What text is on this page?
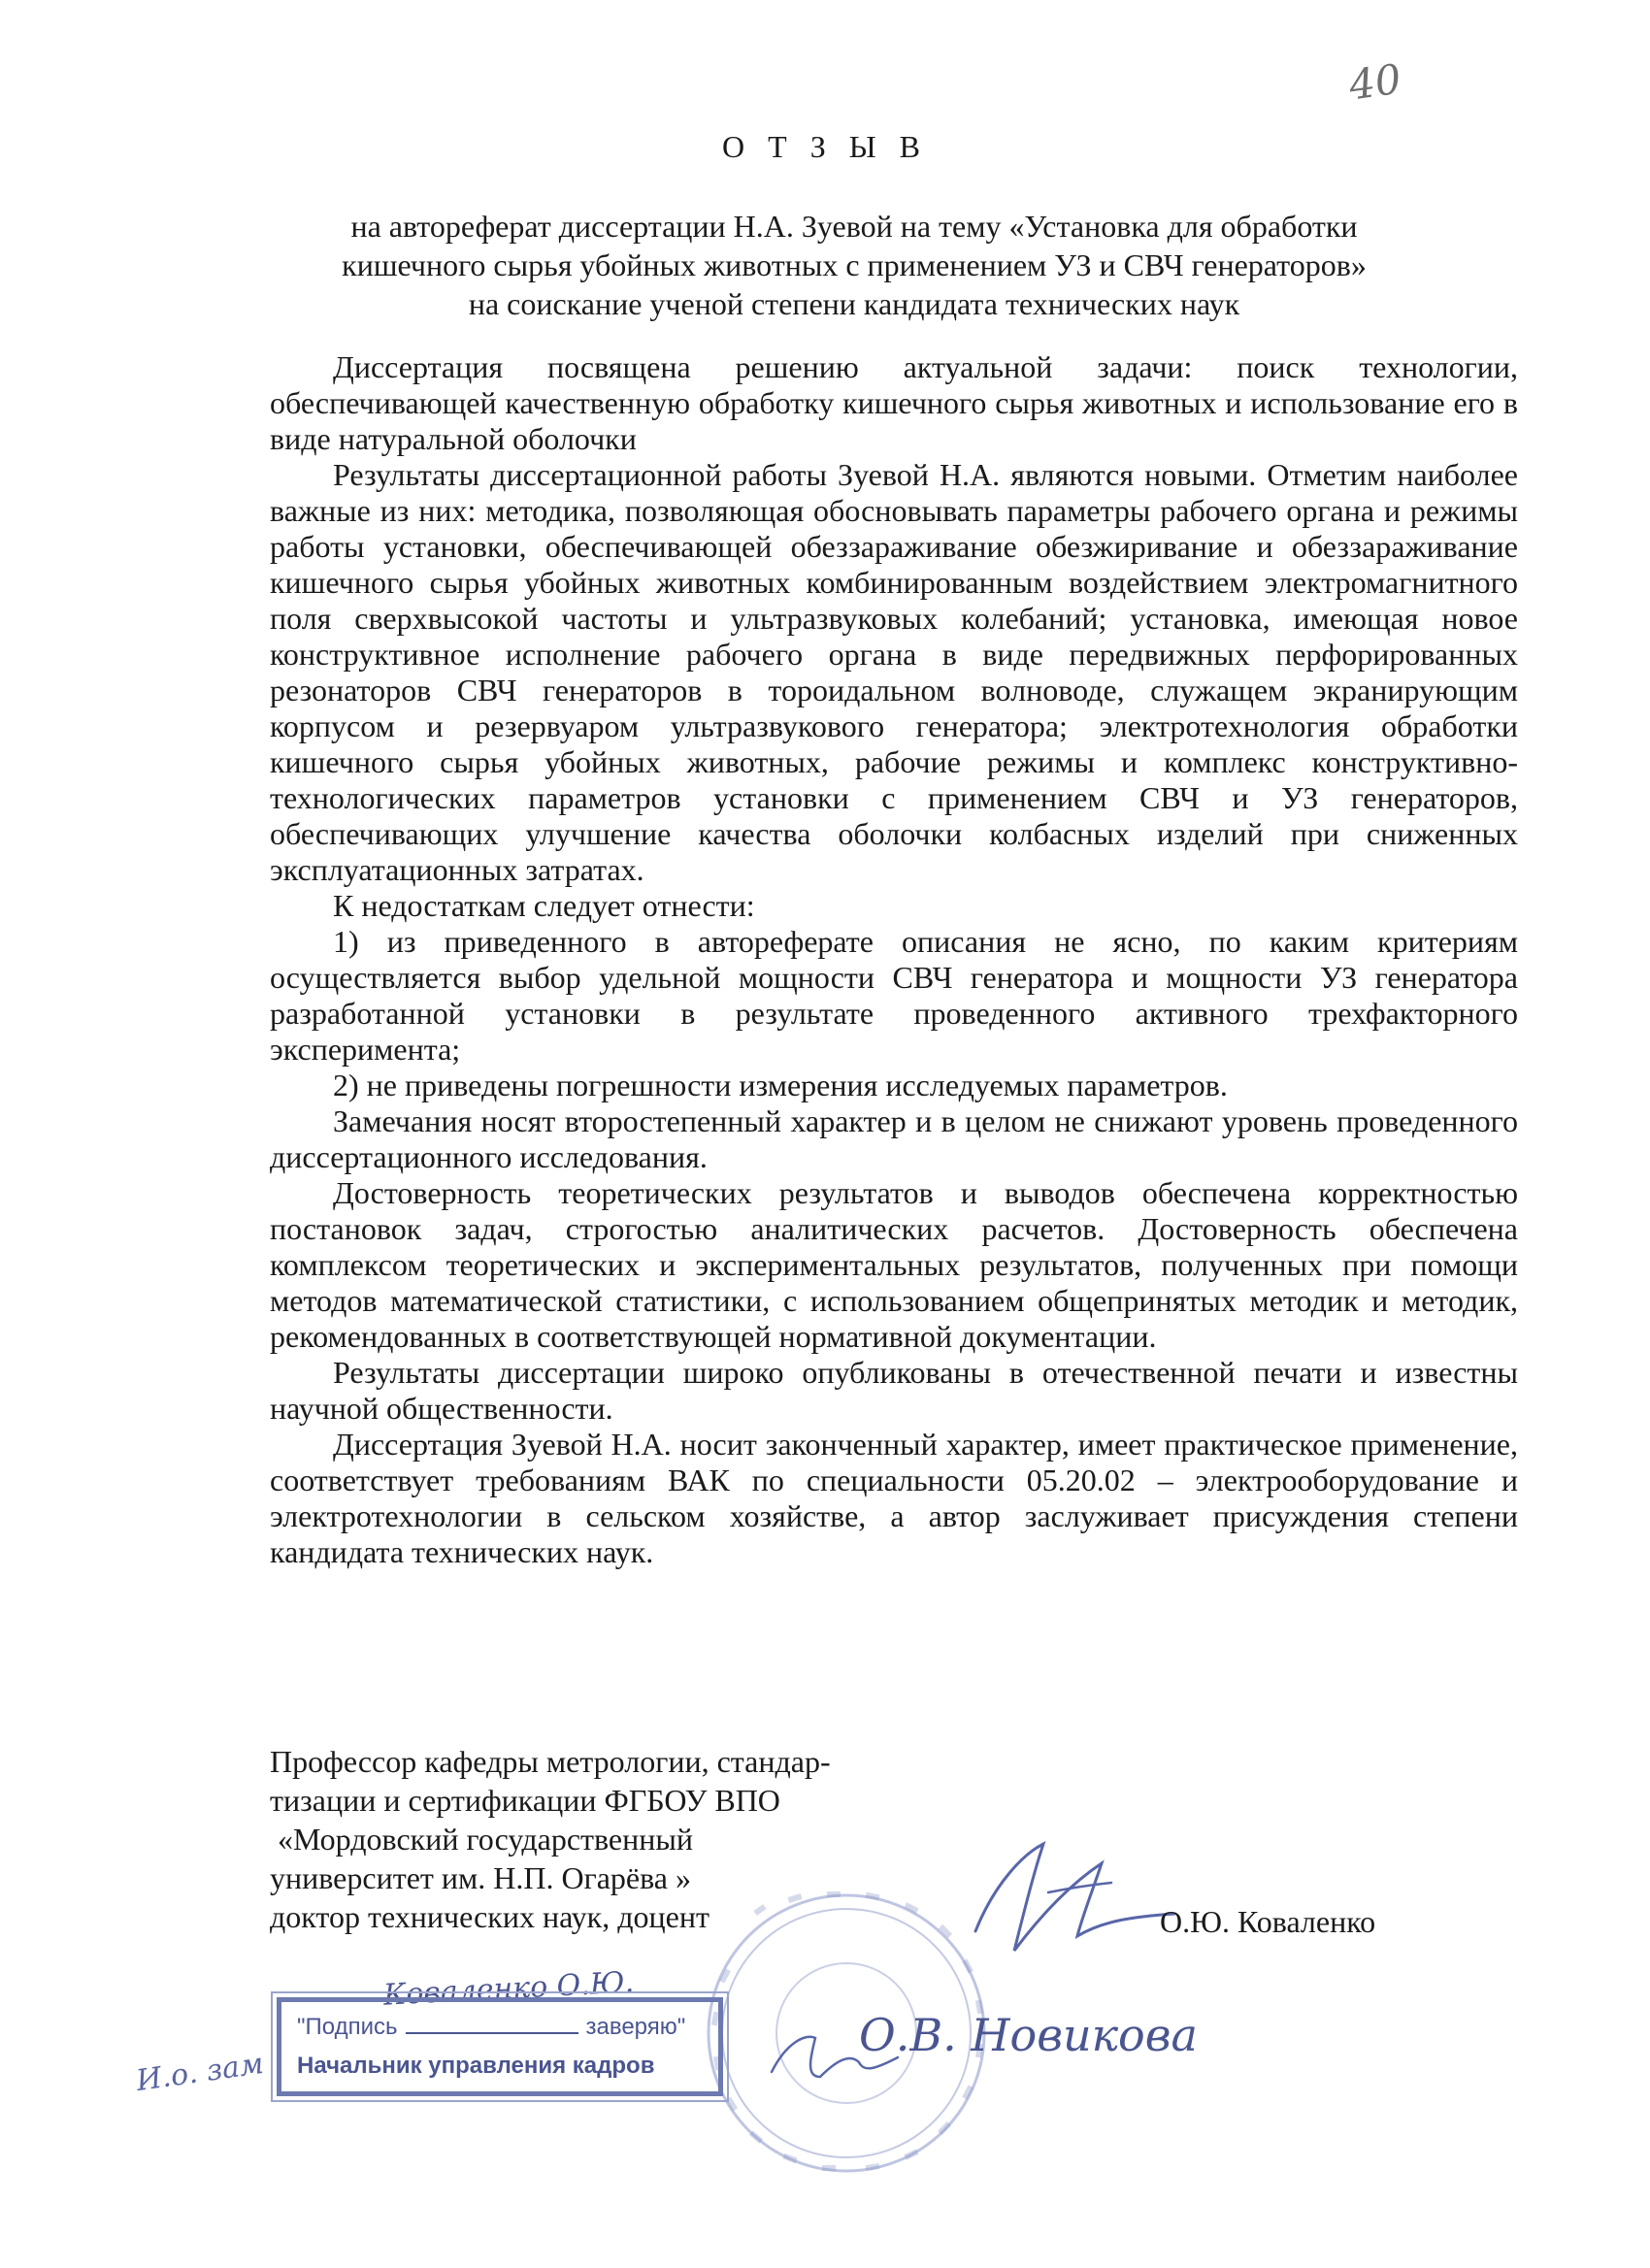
40
О Т З Ы В
на автореферат диссертации Н.А. Зуевой на тему «Установка для обработки
кишечного сырья убойных животных с применением УЗ и СВЧ генераторов»
на соискание ученой степени кандидата технических наук

Диссертация посвящена решению актуальной задачи: поиск технологии, обеспечивающей качественную обработку кишечного сырья животных и использование его в виде натуральной оболочки

Результаты диссертационной работы Зуевой Н.А. являются новыми. Отметим наиболее важные из них: методика, позволяющая обосновывать параметры рабочего органа и режимы работы установки, обеспечивающей обеззараживание обезжиривание и обеззараживание кишечного сырья убойных животных комбинированным воздействием электромагнитного поля сверхвысокой частоты и ультразвуковых колебаний; установка, имеющая новое конструктивное исполнение рабочего органа в виде передвижных перфорированных резонаторов СВЧ генераторов в тороидальном волноводе, служащем экранирующим корпусом и резервуаром ультразвукового генератора; электротехнология обработки кишечного сырья убойных животных, рабочие режимы и комплекс конструктивно-технологических параметров установки с применением СВЧ и УЗ генераторов, обеспечивающих улучшение качества оболочки колбасных изделий при сниженных эксплуатационных затратах.

К недостаткам следует отнести:

1) из приведенного в автореферате описания не ясно, по каким критериям осуществляется выбор удельной мощности СВЧ генератора и мощности УЗ генератора разработанной установки в результате проведенного активного трехфакторного эксперимента;

2) не приведены погрешности измерения исследуемых параметров.

Замечания носят второстепенный характер и в целом не снижают уровень проведенного диссертационного исследования.

Достоверность теоретических результатов и выводов обеспечена корректностью постановок задач, строгостью аналитических расчетов. Достоверность обеспечена комплексом теоретических и экспериментальных результатов, полученных при помощи методов математической статистики, с использованием общепринятых методик и методик, рекомендованных в соответствующей нормативной документации.

Результаты диссертации широко опубликованы в отечественной печати и известны научной общественности.

Диссертация Зуевой Н.А. носит законченный характер, имеет практическое применение, соответствует требованиям ВАК по специальности 05.20.02 – электрооборудование и электротехнологии в сельском хозяйстве, а автор заслуживает присуждения степени кандидата технических наук.

Профессор кафедры метрологии, стандар-
тизации и сертификации ФГБОУ ВПО
«Мордовский государственный
университет им. Н.П. Огарёва »
доктор технических наук, доцент	О.Ю. Коваленко
Коваленко О.Ю.
"Подпись	заверяю"
Начальник управления кадров
И.о. зам
О.В. Новикова
